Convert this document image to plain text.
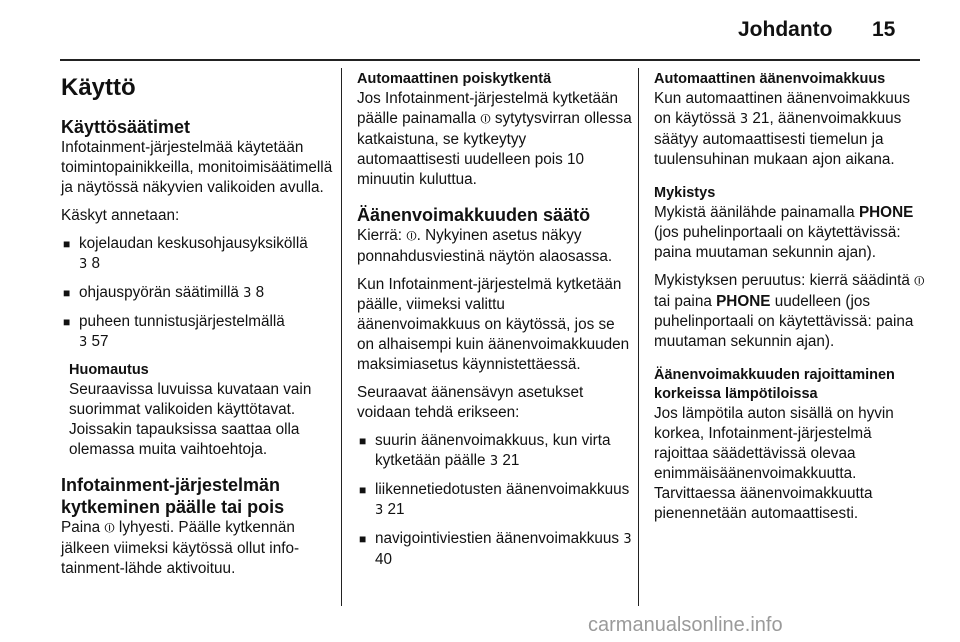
Johdanto 15
Käyttö
Käyttösäätimet

Infotainment-järjestelmää käytetään toimintopainikkeilla, monitoimisäätimellä ja näytössä näkyvien valikoiden avulla.

Käskyt annetaan:

■ kojelaudan keskusohjausyksiköllä
3 8
■ ohjauspyörän säätimillä 3 8
■ puheen tunnistusjärjestelmällä
3 57
Huomautus

Seuraavissa luvuissa kuvataan vain suorimmat valikoiden käyttötavat. Joissakin tapauksissa saattaa olla olemassa muita vaihtoehtoja.

Infotainment-järjestelmän kytkeminen päälle tai pois

Paina ⏼ lyhyesti. Päälle kytkennän jälkeen viimeksi käytössä ollut info-tainment-lähde aktivoituu.

Automaattinen poiskytkentä

Jos Infotainment-järjestelmä kytketään päälle painamalla ⏼ sytytysvirran ollessa katkaistuna, se kytkeytyy automaattisesti uudelleen pois 10 minuutin kuluttua.

Äänenvoimakkuuden säätö

Kierrä: ⏼. Nykyinen asetus näkyy ponnahdusviestinä näytön alaosassa.

Kun Infotainment-järjestelmä kytketään päälle, viimeksi valittu äänenvoimakkuus on käytössä, jos se on alhaisempi kuin äänenvoimakkuuden maksimiasetus käynnistettäessä.

Seuraavat äänensävyn asetukset voidaan tehdä erikseen:

■ suurin äänenvoimakkuus, kun virta kytketään päälle 3 21
■ liikennetiedotusten äänenvoimakkuus 3 21
■ navigointiviestien äänenvoimakkuus 3 40
Automaattinen äänenvoimakkuus

Kun automaattinen äänenvoimakkuus on käytössä 3 21, äänenvoimakkuus säätyy automaattisesti tiemelun ja tuulensuhinan mukaan ajon aikana.

Mykistys

Mykistä äänilähde painamalla PHONE (jos puhelinportaali on käytettävissä: paina muutaman sekunnin ajan).

Mykistyksen peruutus: kierrä säädintä ⏼ tai paina PHONE uudelleen (jos puhelinportaali on käytettävissä: paina muutaman sekunnin ajan).

Äänenvoimakkuuden rajoittaminen korkeissa lämpötiloissa

Jos lämpötila auton sisällä on hyvin korkea, Infotainment-järjestelmä rajoittaa säädettävissä olevaa enimmäisäänenvoimakkuutta. Tarvittaessa äänenvoimakkuutta pienennetään automaattisesti.

carmanualsonline.info
